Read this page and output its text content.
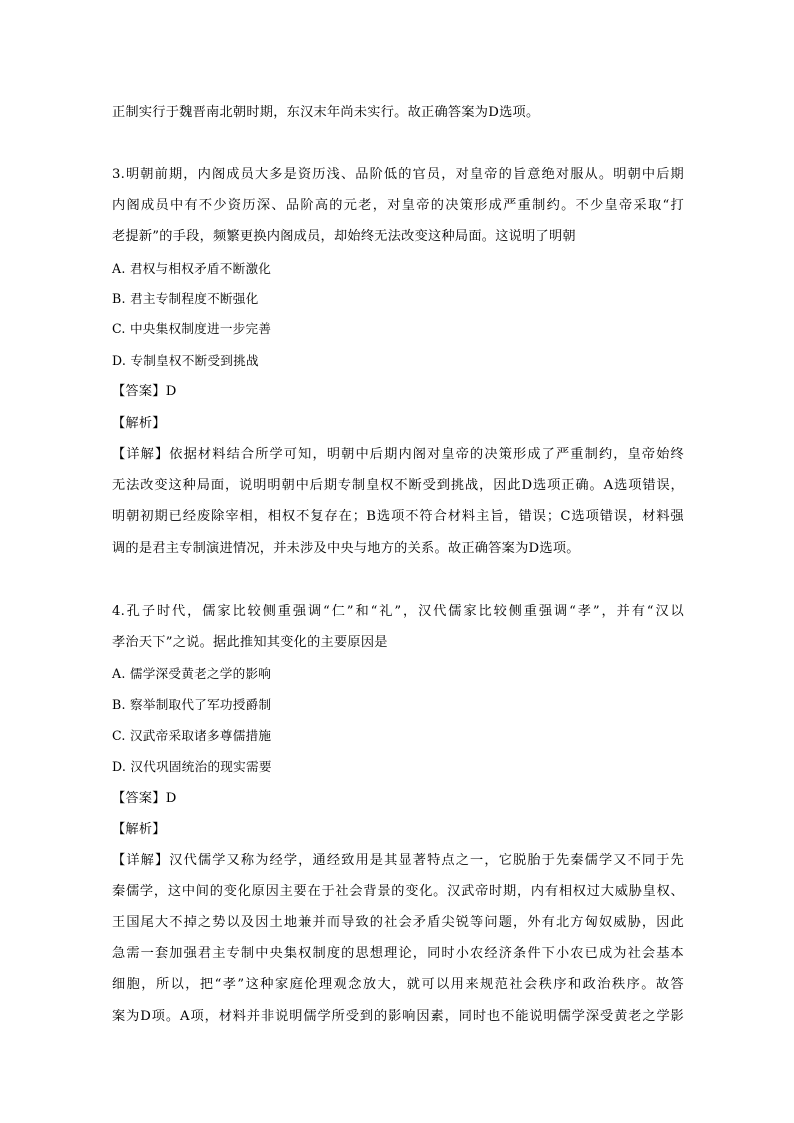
正制实行于魏晋南北朝时期，东汉末年尚未实行。故正确答案为D选项。
3.明朝前期，内阁成员大多是资历浅、品阶低的官员，对皇帝的旨意绝对服从。明朝中后期
内阁成员中有不少资历深、品阶高的元老，对皇帝的决策形成严重制约。不少皇帝采取“打
老提新”的手段，频繁更换内阁成员，却始终无法改变这种局面。这说明了明朝
A. 君权与相权矛盾不断激化
B. 君主专制程度不断强化
C. 中央集权制度进一步完善
D. 专制皇权不断受到挑战
【答案】D
【解析】
【详解】依据材料结合所学可知，明朝中后期内阁对皇帝的决策形成了严重制约，皇帝始终
无法改变这种局面，说明明朝中后期专制皇权不断受到挑战，因此D选项正确。A选项错误，
明朝初期已经废除宰相，相权不复存在；B选项不符合材料主旨，错误；C选项错误，材料强
调的是君主专制演进情况，并未涉及中央与地方的关系。故正确答案为D选项。
4.孔子时代，儒家比较侧重强调“仁”和“礼”，汉代儒家比较侧重强调“孝”，并有“汉以
孝治天下”之说。据此推知其变化的主要原因是
A. 儒学深受黄老之学的影响
B. 察举制取代了军功授爵制
C. 汉武帝采取诸多尊儒措施
D. 汉代巩固统治的现实需要
【答案】D
【解析】
【详解】汉代儒学又称为经学，通经致用是其显著特点之一，它脱胎于先秦儒学又不同于先
秦儒学，这中间的变化原因主要在于社会背景的变化。汉武帝时期，内有相权过大威胁皇权、
王国尾大不掉之势以及因土地兼并而导致的社会矛盾尖锐等问题，外有北方匈奴威胁，因此
急需一套加强君主专制中央集权制度的思想理论，同时小农经济条件下小农已成为社会基本
细胞，所以，把“孝”这种家庭伦理观念放大，就可以用来规范社会秩序和政治秩序。故答
案为D项。A项，材料并非说明儒学所受到的影响因素，同时也不能说明儒学深受黄老之学影
